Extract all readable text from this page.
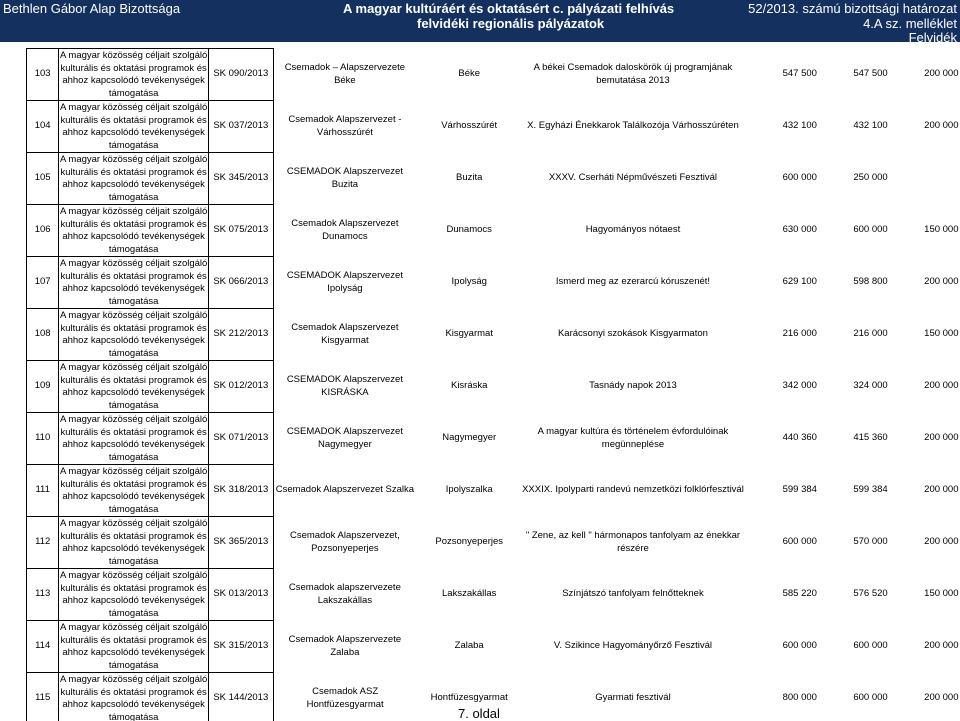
Bethlen Gábor Alap Bizottsága	A magyar kultúráért és oktatásért c. pályázati felhívás
felvidéki regionális pályázatok
52/2013. számú bizottsági határozat
4.A sz. melléklet
Felvidék
103	A magyar közösség céljait szolgáló kulturális és oktatási programok és ahhoz kapcsolódó tevékenységek támogatása	SK 090/2013	Csemadok – Alapszervezete Béke	Béke	A békei Csemadok daloskörök új programjának bemutatása 2013	547 500	547 500	200 000
104	A magyar közösség céljait szolgáló kulturális és oktatási programok és ahhoz kapcsolódó tevékenységek támogatása	SK 037/2013	Csemadok Alapszervezet - Várhosszúrét	Várhosszúrét	X. Egyházi Énekkarok Találkozója Várhosszúréten	432 100	432 100	200 000
105	A magyar közösség céljait szolgáló kulturális és oktatási programok és ahhoz kapcsolódó tevékenységek támogatása	SK 345/2013	CSEMADOK Alapszervezet Buzita	Buzita	XXXV. Cserháti Népművészeti Fesztivál	600 000	250 000	
106	A magyar közösség céljait szolgáló kulturális és oktatási programok és ahhoz kapcsolódó tevékenységek támogatása	SK 075/2013	Csemadok Alapszervezet Dunamocs	Dunamocs	Hagyományos nótaest	630 000	600 000	150 000
107	A magyar közösség céljait szolgáló kulturális és oktatási programok és ahhoz kapcsolódó tevékenységek támogatása	SK 066/2013	CSEMADOK Alapszervezet Ipolyság	Ipolyság	Ismerd meg az ezerarcú kóruszenét!	629 100	598 800	200 000
108	A magyar közösség céljait szolgáló kulturális és oktatási programok és ahhoz kapcsolódó tevékenységek támogatása	SK 212/2013	Csemadok Alapszervezet Kisgyarmat	Kisgyarmat	Karácsonyi szokások Kisgyarmaton	216 000	216 000	150 000
109	A magyar közösség céljait szolgáló kulturális és oktatási programok és ahhoz kapcsolódó tevékenységek támogatása	SK 012/2013	CSEMADOK Alapszervezet KISRÁSKA	Kisráska	Tasnády napok 2013	342 000	324 000	200 000
110	A magyar közösség céljait szolgáló kulturális és oktatási programok és ahhoz kapcsolódó tevékenységek támogatása	SK 071/2013	CSEMADOK Alapszervezet Nagymegyer	Nagymegyer	A magyar kultúra és történelem évfordulóinak megünneplése	440 360	415 360	200 000
111	A magyar közösség céljait szolgáló kulturális és oktatási programok és ahhoz kapcsolódó tevékenységek támogatása	SK 318/2013	Csemadok Alapszervezet Szalka	Ipolyszalka	XXXIX. Ipolyparti randevú nemzetközi folklórfesztivál	599 384	599 384	200 000
112	A magyar közösség céljait szolgáló kulturális és oktatási programok és ahhoz kapcsolódó tevékenységek támogatása	SK 365/2013	Csemadok Alapszervezet, Pozsonyeperjes	Pozsonyeperjes	" Zene, az kell " hármonapos tanfolyam az énekkar részére	600 000	570 000	200 000
113	A magyar közösség céljait szolgáló kulturális és oktatási programok és ahhoz kapcsolódó tevékenységek támogatása	SK 013/2013	Csemadok alapszervezete Lakszakállas	Lakszakállas	Színjátszó tanfolyam felnőtteknek	585 220	576 520	150 000
114	A magyar közösség céljait szolgáló kulturális és oktatási programok és ahhoz kapcsolódó tevékenységek támogatása	SK 315/2013	Csemadok Alapszervezete Zalaba	Zalaba	V. Szikince Hagyományőrző Fesztivál	600 000	600 000	200 000
115	A magyar közösség céljait szolgáló kulturális és oktatási programok és ahhoz kapcsolódó tevékenységek támogatása	SK 144/2013	Csemadok ASZ Hontfüzesgyarmat	Hontfüzesgyarmat	Gyarmati fesztivál	800 000	600 000	200 000
7. oldal
